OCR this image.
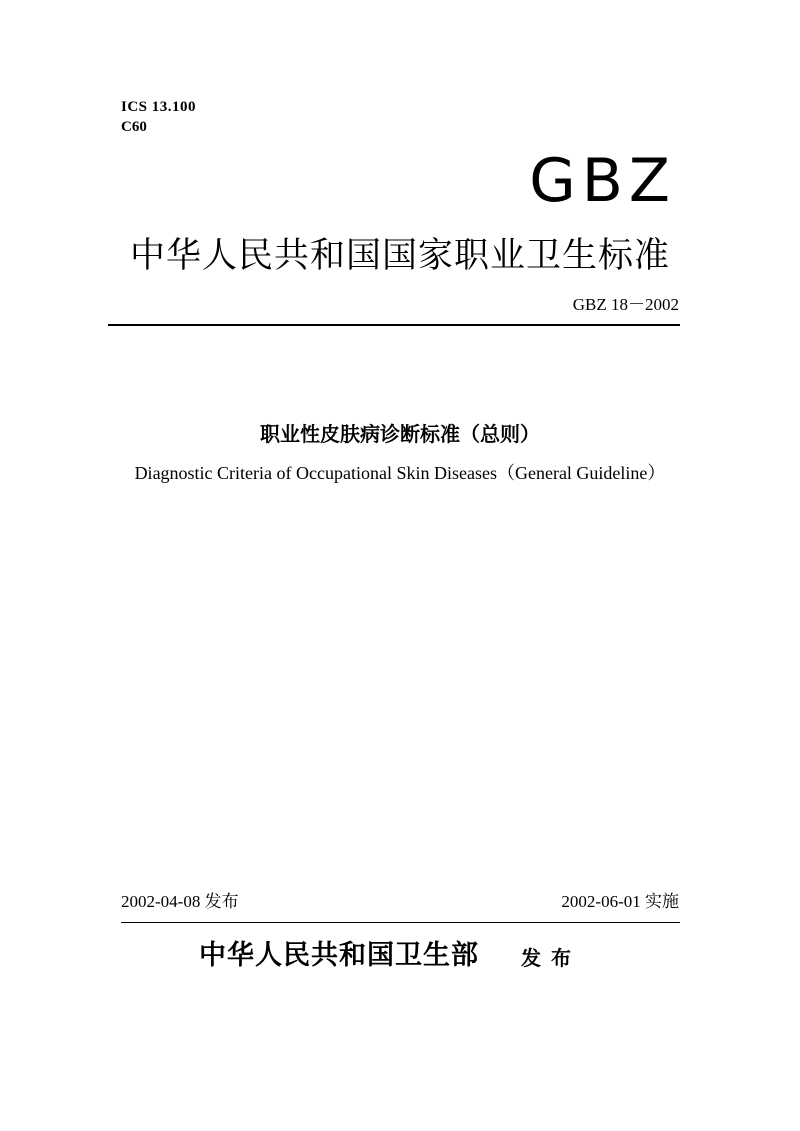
ICS 13.100
C60
GBZ
中华人民共和国国家职业卫生标准
GBZ 18－2002
职业性皮肤病诊断标准（总则）
Diagnostic Criteria of Occupational Skin Diseases（General Guideline）
2002-04-08 发布	2002-06-01 实施
中华人民共和国卫生部 发布
